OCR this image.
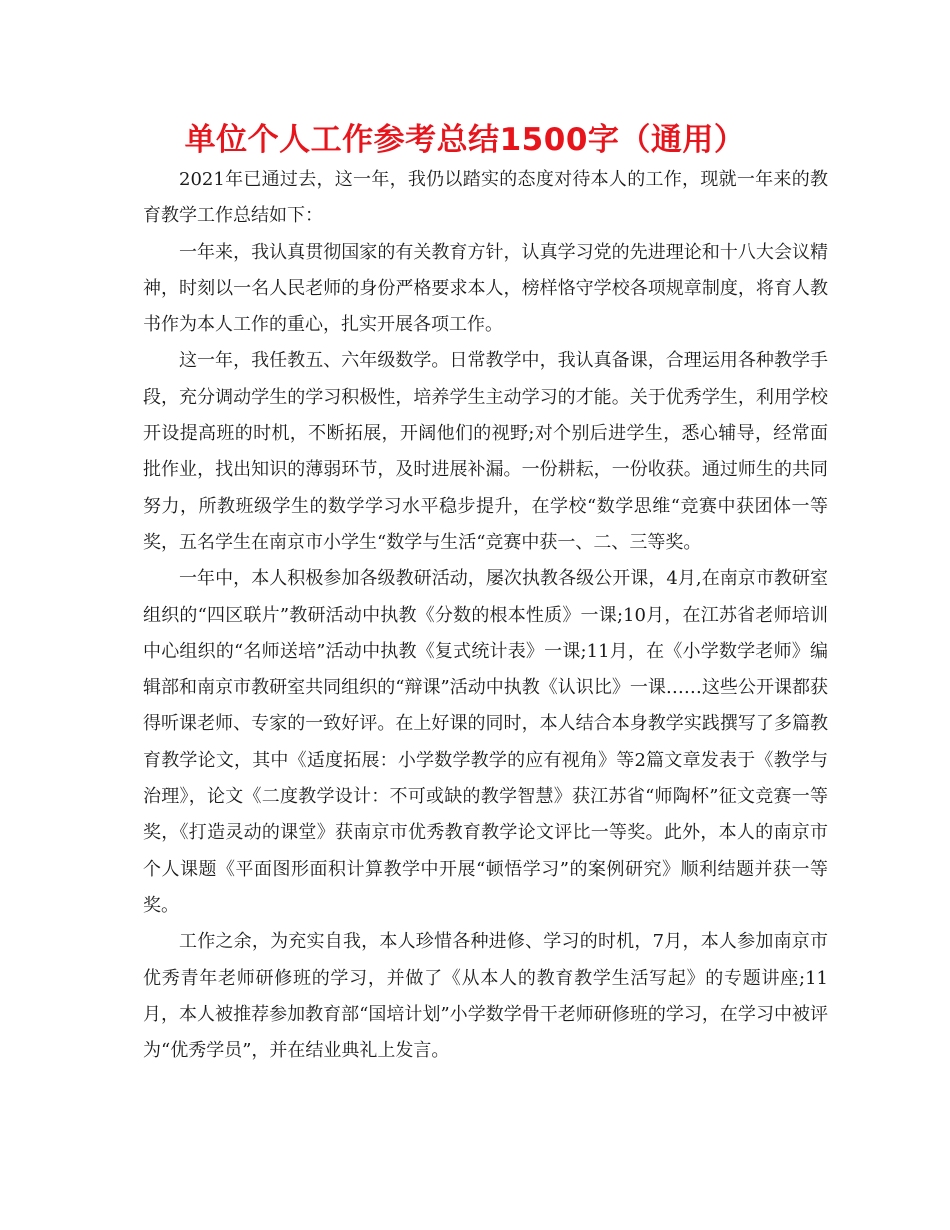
单位个人工作参考总结1500字（通用）

2021年已通过去，这一年，我仍以踏实的态度对待本人的工作，现就一年来的教育教学工作总结如下：

一年来，我认真贯彻国家的有关教育方针，认真学习党的先进理论和十八大会议精神，时刻以一名人民老师的身份严格要求本人，榜样恪守学校各项规章制度，将育人教书作为本人工作的重心，扎实开展各项工作。

这一年，我任教五、六年级数学。日常教学中，我认真备课，合理运用各种教学手段，充分调动学生的学习积极性，培养学生主动学习的才能。关于优秀学生，利用学校开设提高班的时机，不断拓展，开阔他们的视野;对个别后进学生，悉心辅导，经常面批作业，找出知识的薄弱环节，及时进展补漏。一份耕耘，一份收获。通过师生的共同努力，所教班级学生的数学学习水平稳步提升，在学校“数学思维“竞赛中获团体一等奖，五名学生在南京市小学生“数学与生活“竞赛中获一、二、三等奖。

一年中，本人积极参加各级教研活动，屡次执教各级公开课，4月,在南京市教研室组织的“四区联片”教研活动中执教《分数的根本性质》一课;10月，在江苏省老师培训中心组织的“名师送培”活动中执教《复式统计表》一课;11月，在《小学数学老师》编辑部和南京市教研室共同组织的“辩课”活动中执教《认识比》一课……这些公开课都获得听课老师、专家的一致好评。在上好课的同时，本人结合本身教学实践撰写了多篇教育教学论文，其中《适度拓展：小学数学教学的应有视角》等2篇文章发表于《教学与治理》，论文《二度教学设计：不可或缺的教学智慧》获江苏省“师陶杯”征文竞赛一等奖，《打造灵动的课堂》获南京市优秀教育教学论文评比一等奖。此外，本人的南京市个人课题《平面图形面积计算教学中开展“顿悟学习”的案例研究》顺利结题并获一等奖。

工作之余，为充实自我，本人珍惜各种进修、学习的时机，7月，本人参加南京市优秀青年老师研修班的学习，并做了《从本人的教育教学生活写起》的专题讲座;11月，本人被推荐参加教育部“国培计划”小学数学骨干老师研修班的学习，在学习中被评为“优秀学员”，并在结业典礼上发言。
